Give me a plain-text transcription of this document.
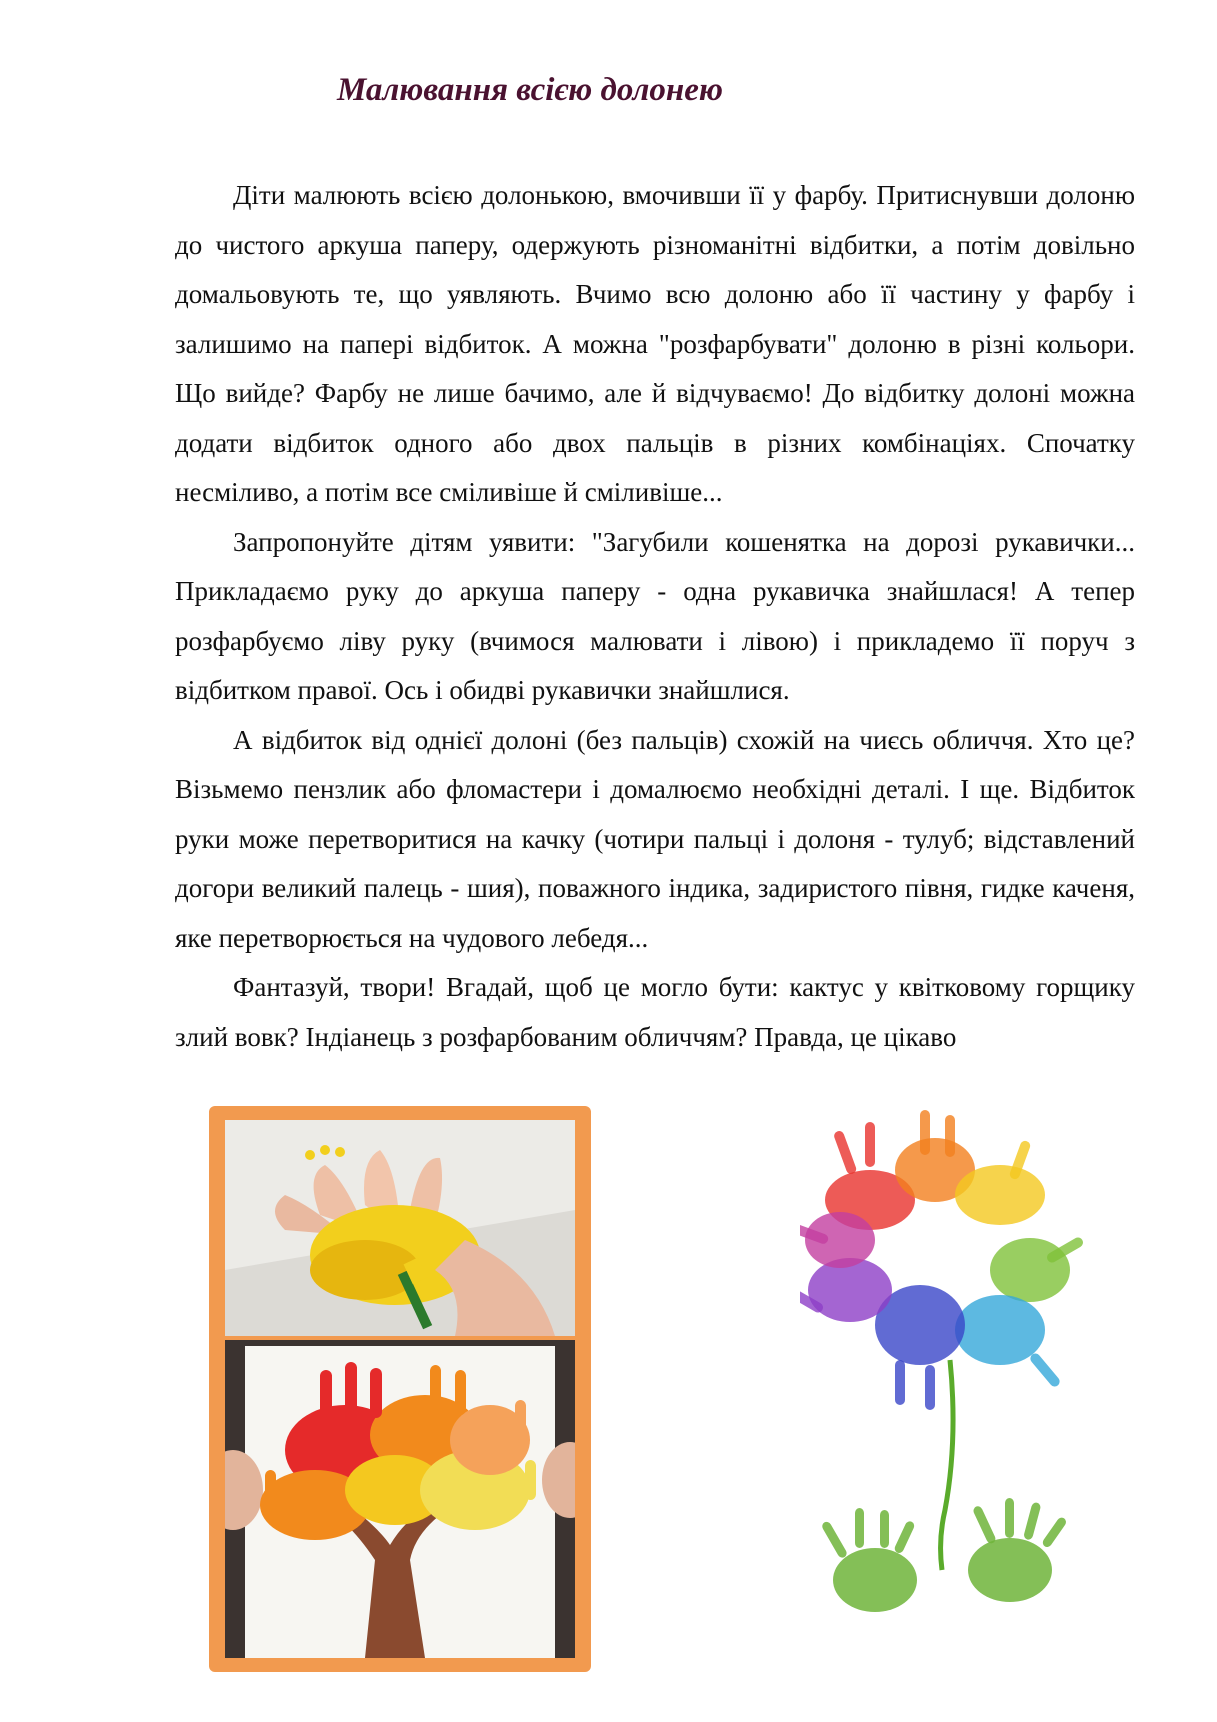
Малювання всією долонею

Діти малюють всією долонькою, вмочивши її у фарбу. Притиснувши долоню до чистого аркуша паперу, одержують різноманітні відбитки, а потім довільно домальовують те, що уявляють. Вчимо всю долоню або її частину у фарбу і залишимо на папері відбиток. А можна "розфарбувати" долоню в різні кольори. Що вийде? Фарбу не лише бачимо, але й відчуваємо! До відбитку долоні можна додати відбиток одного або двох пальців в різних комбінаціях. Спочатку несміливо, а потім все сміливіше й сміливіше...

Запропонуйте дітям уявити: "Загубили кошенятка на дорозі рукавички... Прикладаємо руку до аркуша паперу - одна рукавичка знайшлася! А тепер розфарбуємо ліву руку (вчимося малювати і лівою) і прикладемо її поруч з відбитком правої. Ось і обидві рукавички знайшлися.

А відбиток від однієї долоні (без пальців) схожій на чиєсь обличчя. Хто це? Візьмемо пензлик або фломастери і домалюємо необхідні деталі. І ще. Відбиток руки може перетворитися на качку (чотири пальці і долоня - тулуб; відставлений догори великий палець - шия), поважного індика, задиристого півня, гидке каченя, яке перетворюється на чудового лебедя...

Фантазуй, твори! Вгадай, щоб це могло бути: кактус у квітковому горщику злий вовк? Індіанець з розфарбованим обличчям? Правда, це цікаво
